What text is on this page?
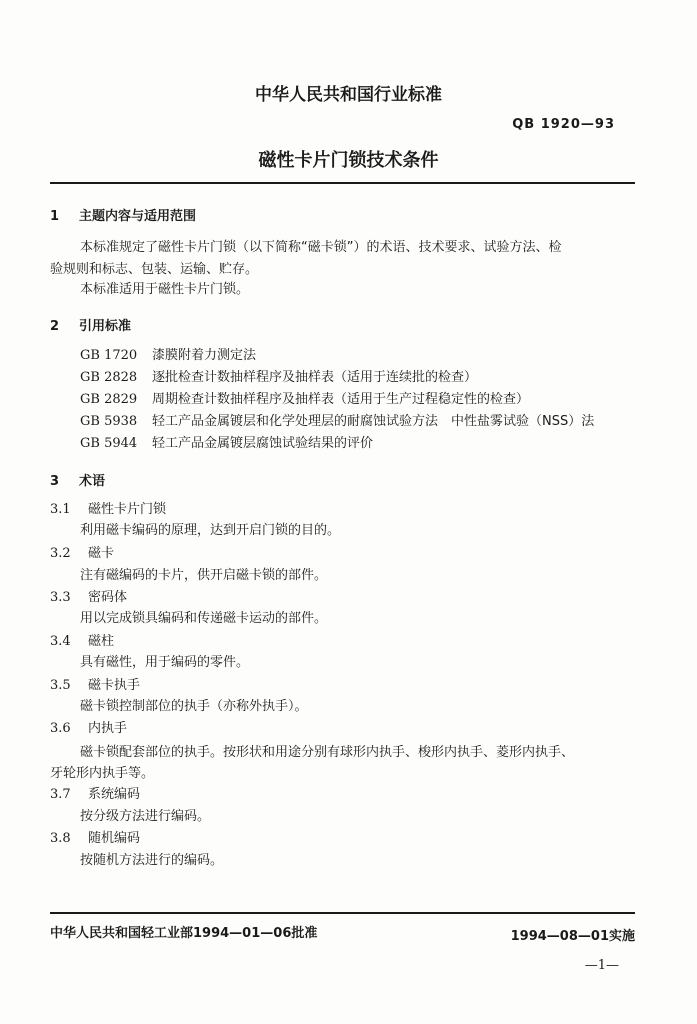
中华人民共和国行业标准
QB 1920—93
磁性卡片门锁技术条件
1 主题内容与适用范围
本标准规定了磁性卡片门锁（以下简称“磁卡锁”）的术语、技术要求、试验方法、检
验规则和标志、包装、运输、贮存。
本标准适用于磁性卡片门锁。
2 引用标准
GB 1720 漆膜附着力测定法
GB 2828 逐批检查计数抽样程序及抽样表（适用于连续批的检查）
GB 2829 周期检查计数抽样程序及抽样表（适用于生产过程稳定性的检查）
GB 5938 轻工产品金属镀层和化学处理层的耐腐蚀试验方法　中性盐雾试验（NSS）法
GB 5944 轻工产品金属镀层腐蚀试验结果的评价
3 术语
3.1 磁性卡片门锁
利用磁卡编码的原理，达到开启门锁的目的。
3.2 磁卡
注有磁编码的卡片，供开启磁卡锁的部件。
3.3 密码体
用以完成锁具编码和传递磁卡运动的部件。
3.4 磁柱
具有磁性，用于编码的零件。
3.5 磁卡执手
磁卡锁控制部位的执手（亦称外执手）。
3.6 内执手
磁卡锁配套部位的执手。按形状和用途分别有球形内执手、梭形内执手、菱形内执手、
牙轮形内执手等。
3.7 系统编码
按分级方法进行编码。
3.8 随机编码
按随机方法进行的编码。
中华人民共和国轻工业部1994—01—06批准	1994—08—01实施
—1—
